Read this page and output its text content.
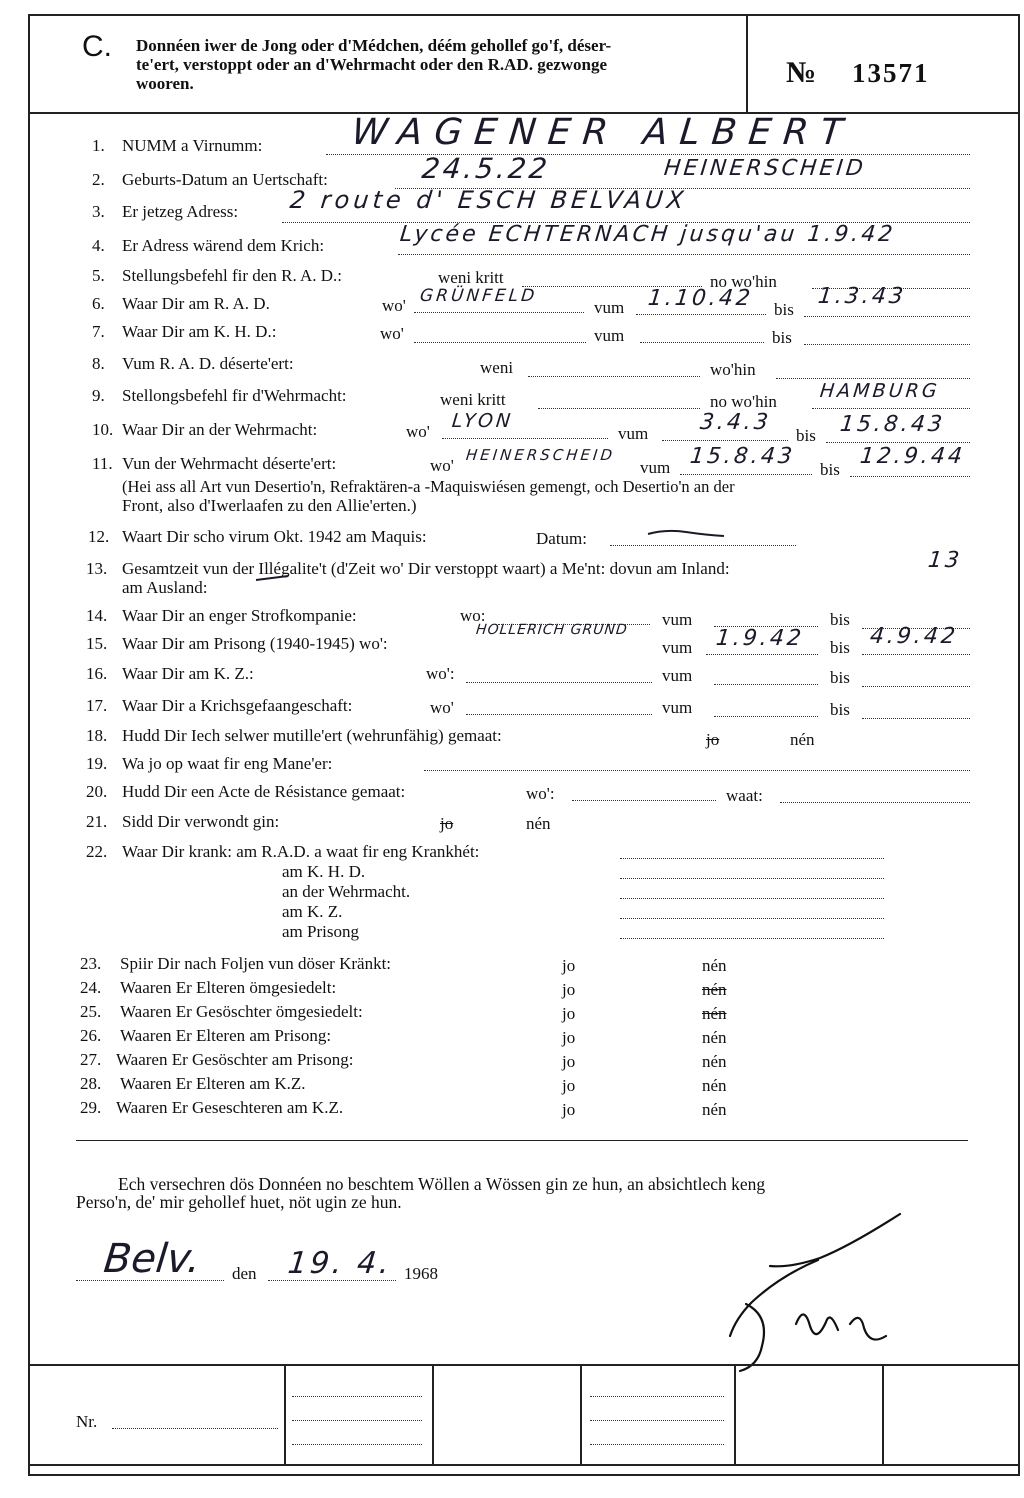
C. Donnéen iwer de Jong oder d'Médchen, déém gehollef go'f, déser-
te'ert, verstoppt oder an d'Wehrmacht oder den R.AD. gezwonge
wooren.	№ 13571
1. NUMM a Virnumm: WAGENER ALBERT
2. Geburts-Datum an Uertschaft:	24.5.22	HEINERSCHEID
3. Er jetzeg Adress: 2 route d' ESCH BELVAUX
4. Er Adress wärend dem Krich:	Lycée ECHTERNACH jusqu'au 1.9.42
5. Stellungsbefehl fir den R. A. D.:	weni kritt	no wo'hin
6. Waar Dir am R. A. D.	wo' GRÜNFELD
vum 1.10.42 bis
1.3.43
7. Waar Dir am K. H. D.:	wo'	vum	bis
8. Vum R. A. D. déserte'ert:	weni	wo'hin
9. Stellongsbefehl fir d'Wehrmacht:	weni kritt	no wo'hin HAMBURG
10. Waar Dir an der Wehrmacht:	wo' LYON
vum 3.4.3
bis 15.8.43
11. Vun der Wehrmacht déserte'ert:	wo'
HEINERSCHEID
vum 15.8.43
bis
12.9.44
(Hei ass all Art vun Desertio'n, Refraktären-a -Maquiswiésen gemengt, och Desertio'n an der
Front, also d'Iwerlaafen zu den Allie'erten.)
12. Waart Dir scho virum Okt. 1942 am Maquis:	Datum:
13. Gesamtzeit vun der Illégalite't (d'Zeit wo' Dir verstoppt waart) a Me'nt: dovun am Inland:	13
am Ausland:
14. Waar Dir an enger Strofkompanie:	wo:	vum	bis
15. Waar Dir am Prisong (1940-1945) wo':
HOLLERICH GRUND
vum 1.9.42 bis 4.9.42
16. Waar Dir am K. Z.:	wo':	vum	bis
17. Waar Dir a Krichsgefaangeschaft:	wo'	vum	bis
18. Hudd Dir Iech selwer mutille'ert (wehrunfähig) gemaat:	jo	nén
19. Wa jo op waat fir eng Mane'er:
20. Hudd Dir een Acte de Résistance gemaat:	wo':	waat:
21. Sidd Dir verwondt gin:	jo	nén
22. Waar Dir krank: am R.A.D. a waat fir eng Krankhét:
am K. H. D.
an der Wehrmacht.
am K. Z.
am Prisong
23. Spiir Dir nach Foljen vun döser Kränkt:	jo	nén
24. Waaren Er Elteren ömgesiedelt:	jo	nén
25. Waaren Er Gesöschter ömgesiedelt:	jo	nén
26. Waaren Er Elteren am Prisong:	jo	nén
27. Waaren Er Gesöschter am Prisong:	jo	nén
28. Waaren Er Elteren am K.Z.	jo	nén
29. Waaren Er Geseschteren am K.Z.	jo	nén
Ech versechren dös Donnéen no beschtem Wöllen a Wössen gin ze hun, an absichtlech keng
Perso'n, de' mir gehollef huet, nöt ugin ze hun.
Belv. den 19. 4. 1968
Nr.
